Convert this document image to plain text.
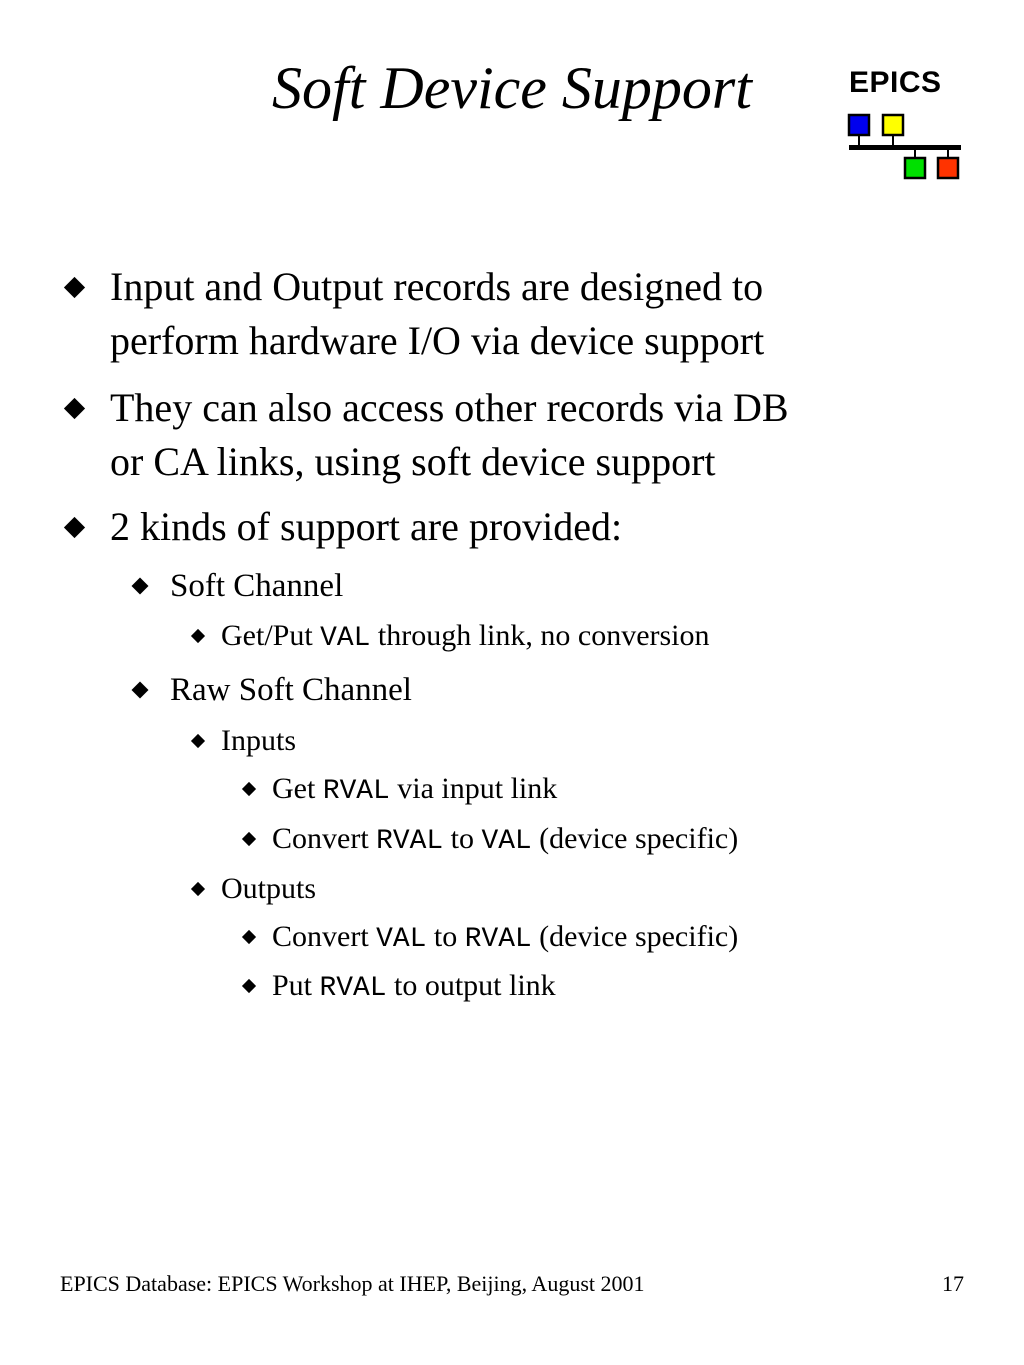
Soft Device Support	EPICS
Input and Output records are designed to
perform hardware I/O via device support
They can also access other records via DB
or CA links, using soft device support
2 kinds of support are provided:
Soft Channel
Get/Put VAL through link, no conversion
Raw Soft Channel
Inputs
Get RVAL via input link
Convert RVAL to VAL (device specific)
Outputs
Convert VAL to RVAL (device specific)
Put RVAL to output link
EPICS Database: EPICS Workshop at IHEP, Beijing, August 2001	17
